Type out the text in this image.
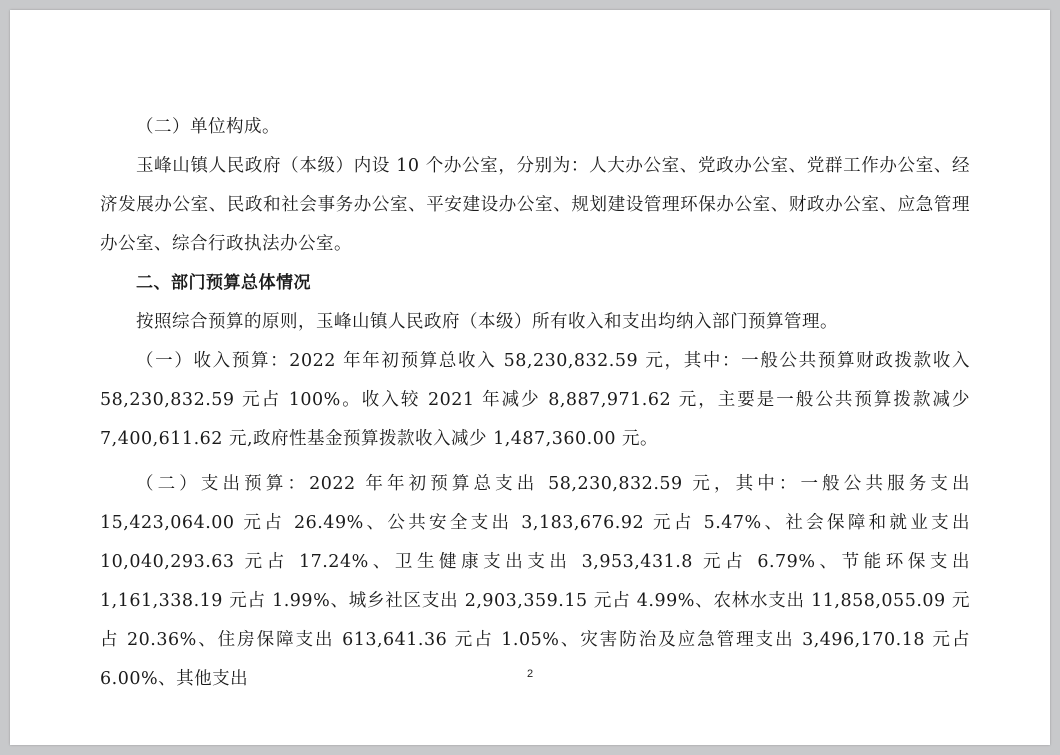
（二）单位构成。

玉峰山镇人民政府（本级）内设 10 个办公室，分别为：人大办公室、党政办公室、党群工作办公室、经济发展办公室、民政和社会事务办公室、平安建设办公室、规划建设管理环保办公室、财政办公室、应急管理办公室、综合行政执法办公室。

二、部门预算总体情况

按照综合预算的原则，玉峰山镇人民政府（本级）所有收入和支出均纳入部门预算管理。

（一）收入预算：2022 年年初预算总收入 58,230,832.59 元，其中：一般公共预算财政拨款收入 58,230,832.59 元占 100%。收入较 2021 年减少 8,887,971.62 元，主要是一般公共预算拨款减少 7,400,611.62 元,政府性基金预算拨款收入减少 1,487,360.00 元。

（二）支出预算：2022 年年初预算总支出 58,230,832.59 元，其中：一般公共服务支出 15,423,064.00 元占 26.49%、公共安全支出 3,183,676.92 元占 5.47%、社会保障和就业支出 10,040,293.63 元占 17.24%、卫生健康支出支出 3,953,431.8 元占 6.79%、节能环保支出 1,161,338.19 元占 1.99%、城乡社区支出 2,903,359.15 元占 4.99%、农林水支出 11,858,055.09 元占 20.36%、住房保障支出 613,641.36 元占 1.05%、灾害防治及应急管理支出 3,496,170.18 元占 6.00%、其他支出	2
